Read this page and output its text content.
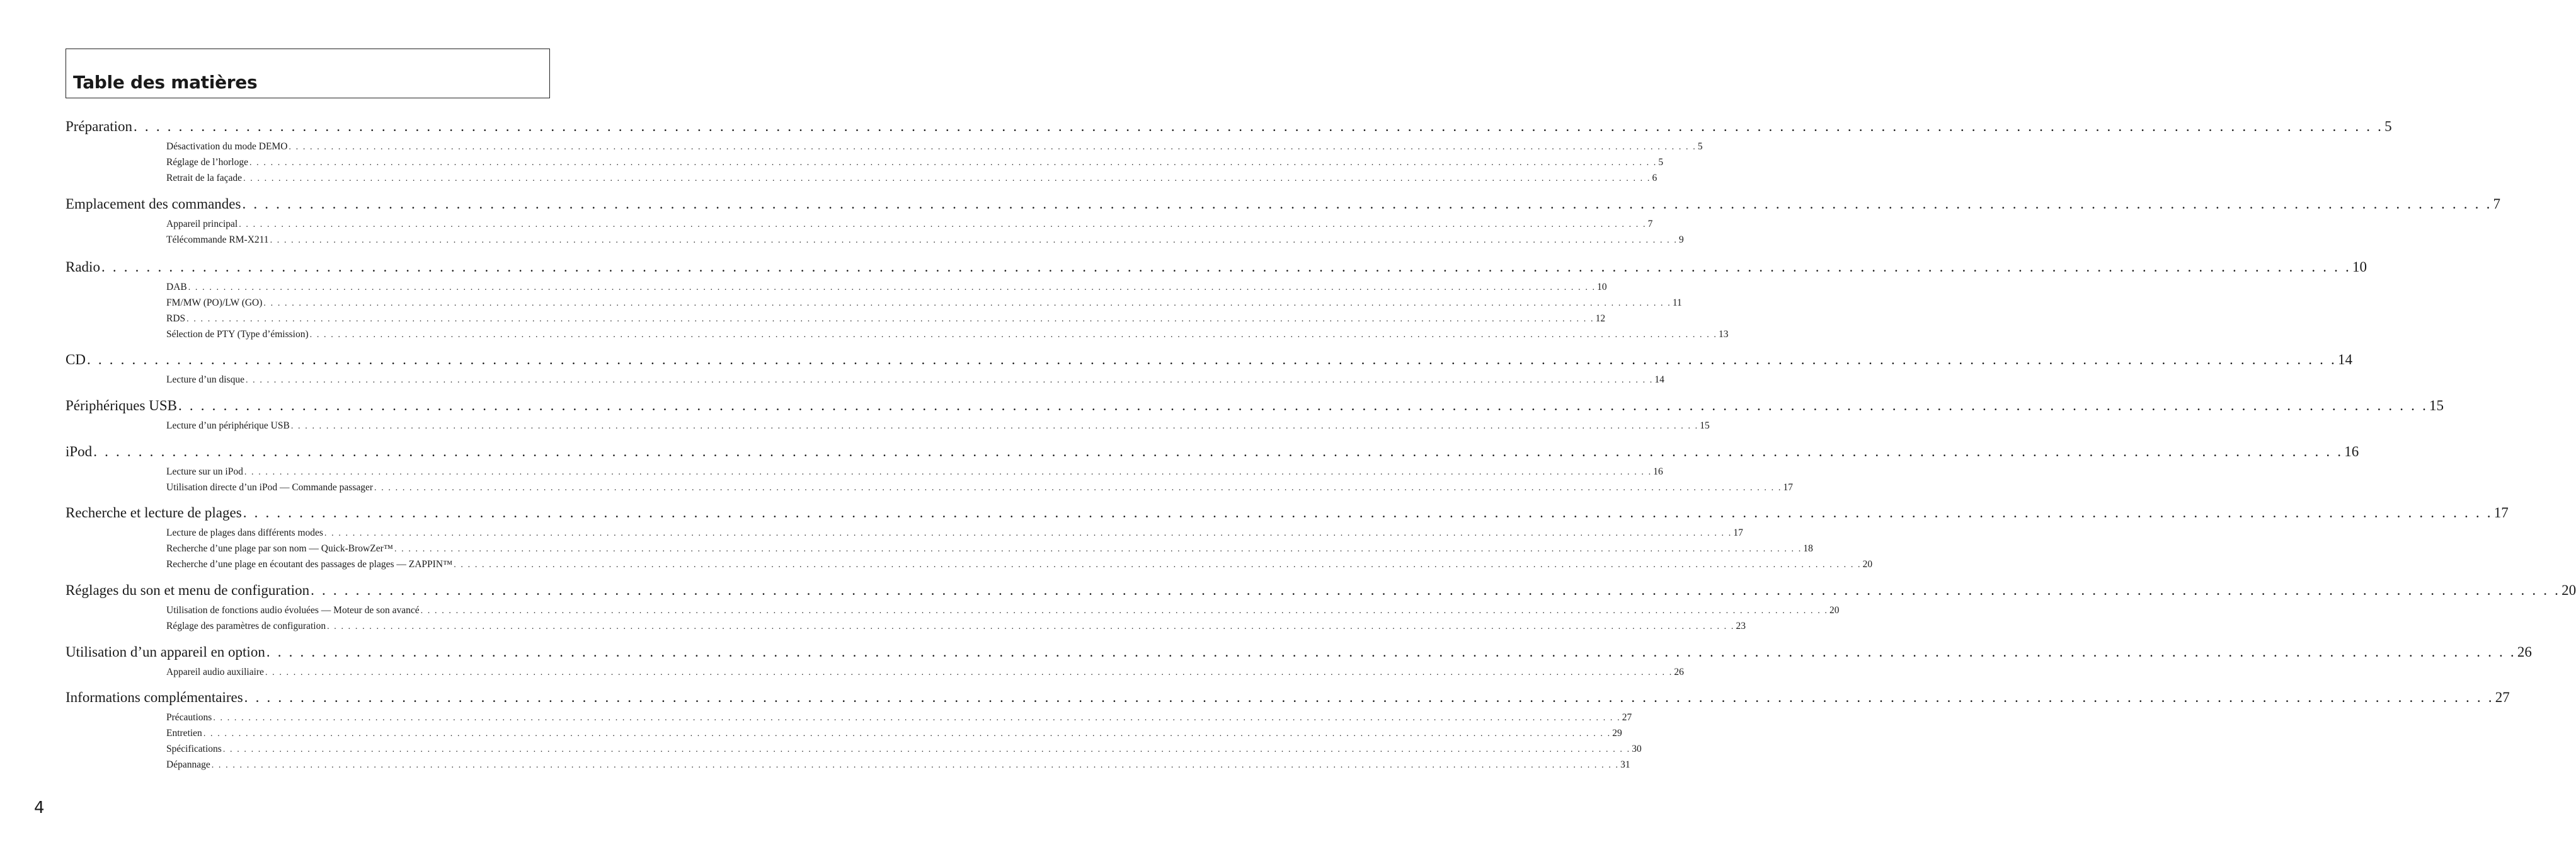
Table des matières
Préparation . . . . . . . . . . . . . . . . . . . . . . . . . . . . . . . . . . . . . . . . . . . . . . . . . . . . . . . . . . . . . . . . . . . . . . . . . . . . . . . . . . . . . . . . . . . . . . . . . . . . . . . . . . . . . . . . . . . . . . . . . . . . . . . . . . . . . . . . . . . . . . . . . . . . . . . . . . . . . . . . . . . . . . . . . . . . . . . . . . . . . . . . . . . . . . . . . . . . . . . . 5
Désactivation du mode DEMO . . . . . . . . . . . . . . . . . . . . . . . . . . . . . . . . . . . . . . . . . . . . . . . . . . . . . . . . . . . . . . . . . . . . . . . . . . . . . . . . . . . . . . . . . . . . . . . . . . . . . . . . . . . . . . . . . . . . . . . . . . . . . . . . . . . . . . . . . . . . . . . . . . . . . . . . . . . . . . . . . . . . . . . . . . . . . . . . . . . . . . . . . . . . . . . . . . . . . . . . 5
Réglage de l’horloge . . . . . . . . . . . . . . . . . . . . . . . . . . . . . . . . . . . . . . . . . . . . . . . . . . . . . . . . . . . . . . . . . . . . . . . . . . . . . . . . . . . . . . . . . . . . . . . . . . . . . . . . . . . . . . . . . . . . . . . . . . . . . . . . . . . . . . . . . . . . . . . . . . . . . . . . . . . . . . . . . . . . . . . . . . . . . . . . . . . . . . . . . . . . . . . . . . . . . . . . 5
Retrait de la façade . . . . . . . . . . . . . . . . . . . . . . . . . . . . . . . . . . . . . . . . . . . . . . . . . . . . . . . . . . . . . . . . . . . . . . . . . . . . . . . . . . . . . . . . . . . . . . . . . . . . . . . . . . . . . . . . . . . . . . . . . . . . . . . . . . . . . . . . . . . . . . . . . . . . . . . . . . . . . . . . . . . . . . . . . . . . . . . . . . . . . . . . . . . . . . . . . . . . . . . . 6
Emplacement des commandes . . . . . . . . . . . . . . . . . . . . . . . . . . . . . . . . . . . . . . . . . . . . . . . . . . . . . . . . . . . . . . . . . . . . . . . . . . . . . . . . . . . . . . . . . . . . . . . . . . . . . . . . . . . . . . . . . . . . . . . . . . . . . . . . . . . . . . . . . . . . . . . . . . . . . . . . . . . . . . . . . . . . . . . . . . . . . . . . . . . . . . . . . . . . . . . . . . . . . . . . 7
Appareil principal . . . . . . . . . . . . . . . . . . . . . . . . . . . . . . . . . . . . . . . . . . . . . . . . . . . . . . . . . . . . . . . . . . . . . . . . . . . . . . . . . . . . . . . . . . . . . . . . . . . . . . . . . . . . . . . . . . . . . . . . . . . . . . . . . . . . . . . . . . . . . . . . . . . . . . . . . . . . . . . . . . . . . . . . . . . . . . . . . . . . . . . . . . . . . . . . . . . . . . . . 7
Télécommande RM-X211 . . . . . . . . . . . . . . . . . . . . . . . . . . . . . . . . . . . . . . . . . . . . . . . . . . . . . . . . . . . . . . . . . . . . . . . . . . . . . . . . . . . . . . . . . . . . . . . . . . . . . . . . . . . . . . . . . . . . . . . . . . . . . . . . . . . . . . . . . . . . . . . . . . . . . . . . . . . . . . . . . . . . . . . . . . . . . . . . . . . . . . . . . . . . . . . . . . . . . . . . 9
Radio . . . . . . . . . . . . . . . . . . . . . . . . . . . . . . . . . . . . . . . . . . . . . . . . . . . . . . . . . . . . . . . . . . . . . . . . . . . . . . . . . . . . . . . . . . . . . . . . . . . . . . . . . . . . . . . . . . . . . . . . . . . . . . . . . . . . . . . . . . . . . . . . . . . . . . . . . . . . . . . . . . . . . . . . . . . . . . . . . . . . . . . . . . . . . . . . . . . . . . . . 10
DAB . . . . . . . . . . . . . . . . . . . . . . . . . . . . . . . . . . . . . . . . . . . . . . . . . . . . . . . . . . . . . . . . . . . . . . . . . . . . . . . . . . . . . . . . . . . . . . . . . . . . . . . . . . . . . . . . . . . . . . . . . . . . . . . . . . . . . . . . . . . . . . . . . . . . . . . . . . . . . . . . . . . . . . . . . . . . . . . . . . . . . . . . . . . . . . . . . . . . . . . . 10
FM/MW (PO)/LW (GO) . . . . . . . . . . . . . . . . . . . . . . . . . . . . . . . . . . . . . . . . . . . . . . . . . . . . . . . . . . . . . . . . . . . . . . . . . . . . . . . . . . . . . . . . . . . . . . . . . . . . . . . . . . . . . . . . . . . . . . . . . . . . . . . . . . . . . . . . . . . . . . . . . . . . . . . . . . . . . . . . . . . . . . . . . . . . . . . . . . . . . . . . . . . . . . . . . . . . . . . . 11
RDS . . . . . . . . . . . . . . . . . . . . . . . . . . . . . . . . . . . . . . . . . . . . . . . . . . . . . . . . . . . . . . . . . . . . . . . . . . . . . . . . . . . . . . . . . . . . . . . . . . . . . . . . . . . . . . . . . . . . . . . . . . . . . . . . . . . . . . . . . . . . . . . . . . . . . . . . . . . . . . . . . . . . . . . . . . . . . . . . . . . . . . . . . . . . . . . . . . . . . . . . 12
Sélection de PTY (Type d’émission) . . . . . . . . . . . . . . . . . . . . . . . . . . . . . . . . . . . . . . . . . . . . . . . . . . . . . . . . . . . . . . . . . . . . . . . . . . . . . . . . . . . . . . . . . . . . . . . . . . . . . . . . . . . . . . . . . . . . . . . . . . . . . . . . . . . . . . . . . . . . . . . . . . . . . . . . . . . . . . . . . . . . . . . . . . . . . . . . . . . . . . . . . . . . . . . . . . . . . . . . 13
CD . . . . . . . . . . . . . . . . . . . . . . . . . . . . . . . . . . . . . . . . . . . . . . . . . . . . . . . . . . . . . . . . . . . . . . . . . . . . . . . . . . . . . . . . . . . . . . . . . . . . . . . . . . . . . . . . . . . . . . . . . . . . . . . . . . . . . . . . . . . . . . . . . . . . . . . . . . . . . . . . . . . . . . . . . . . . . . . . . . . . . . . . . . . . . . . . . . . . . . . . 14
Lecture d’un disque . . . . . . . . . . . . . . . . . . . . . . . . . . . . . . . . . . . . . . . . . . . . . . . . . . . . . . . . . . . . . . . . . . . . . . . . . . . . . . . . . . . . . . . . . . . . . . . . . . . . . . . . . . . . . . . . . . . . . . . . . . . . . . . . . . . . . . . . . . . . . . . . . . . . . . . . . . . . . . . . . . . . . . . . . . . . . . . . . . . . . . . . . . . . . . . . . . . . . . . . 14
Périphériques USB . . . . . . . . . . . . . . . . . . . . . . . . . . . . . . . . . . . . . . . . . . . . . . . . . . . . . . . . . . . . . . . . . . . . . . . . . . . . . . . . . . . . . . . . . . . . . . . . . . . . . . . . . . . . . . . . . . . . . . . . . . . . . . . . . . . . . . . . . . . . . . . . . . . . . . . . . . . . . . . . . . . . . . . . . . . . . . . . . . . . . . . . . . . . . . . . . . . . . . . . 15
Lecture d’un périphérique USB . . . . . . . . . . . . . . . . . . . . . . . . . . . . . . . . . . . . . . . . . . . . . . . . . . . . . . . . . . . . . . . . . . . . . . . . . . . . . . . . . . . . . . . . . . . . . . . . . . . . . . . . . . . . . . . . . . . . . . . . . . . . . . . . . . . . . . . . . . . . . . . . . . . . . . . . . . . . . . . . . . . . . . . . . . . . . . . . . . . . . . . . . . . . . . . . . . . . . . . . 15
iPod . . . . . . . . . . . . . . . . . . . . . . . . . . . . . . . . . . . . . . . . . . . . . . . . . . . . . . . . . . . . . . . . . . . . . . . . . . . . . . . . . . . . . . . . . . . . . . . . . . . . . . . . . . . . . . . . . . . . . . . . . . . . . . . . . . . . . . . . . . . . . . . . . . . . . . . . . . . . . . . . . . . . . . . . . . . . . . . . . . . . . . . . . . . . . . . . . . . . . . . . 16
Lecture sur un iPod . . . . . . . . . . . . . . . . . . . . . . . . . . . . . . . . . . . . . . . . . . . . . . . . . . . . . . . . . . . . . . . . . . . . . . . . . . . . . . . . . . . . . . . . . . . . . . . . . . . . . . . . . . . . . . . . . . . . . . . . . . . . . . . . . . . . . . . . . . . . . . . . . . . . . . . . . . . . . . . . . . . . . . . . . . . . . . . . . . . . . . . . . . . . . . . . . . . . . . . . 16
Utilisation directe d’un iPod — Commande passager . . . . . . . . . . . . . . . . . . . . . . . . . . . . . . . . . . . . . . . . . . . . . . . . . . . . . . . . . . . . . . . . . . . . . . . . . . . . . . . . . . . . . . . . . . . . . . . . . . . . . . . . . . . . . . . . . . . . . . . . . . . . . . . . . . . . . . . . . . . . . . . . . . . . . . . . . . . . . . . . . . . . . . . . . . . . . . . . . . . . . . . . . . . . . . . . . . . . . . . . 17
Recherche et lecture de plages . . . . . . . . . . . . . . . . . . . . . . . . . . . . . . . . . . . . . . . . . . . . . . . . . . . . . . . . . . . . . . . . . . . . . . . . . . . . . . . . . . . . . . . . . . . . . . . . . . . . . . . . . . . . . . . . . . . . . . . . . . . . . . . . . . . . . . . . . . . . . . . . . . . . . . . . . . . . . . . . . . . . . . . . . . . . . . . . . . . . . . . . . . . . . . . . . . . . . . . . 17
Lecture de plages dans différents modes . . . . . . . . . . . . . . . . . . . . . . . . . . . . . . . . . . . . . . . . . . . . . . . . . . . . . . . . . . . . . . . . . . . . . . . . . . . . . . . . . . . . . . . . . . . . . . . . . . . . . . . . . . . . . . . . . . . . . . . . . . . . . . . . . . . . . . . . . . . . . . . . . . . . . . . . . . . . . . . . . . . . . . . . . . . . . . . . . . . . . . . . . . . . . . . . . . . . . . . . 17
Recherche d’une plage par son nom — Quick-BrowZer™ . . . . . . . . . . . . . . . . . . . . . . . . . . . . . . . . . . . . . . . . . . . . . . . . . . . . . . . . . . . . . . . . . . . . . . . . . . . . . . . . . . . . . . . . . . . . . . . . . . . . . . . . . . . . . . . . . . . . . . . . . . . . . . . . . . . . . . . . . . . . . . . . . . . . . . . . . . . . . . . . . . . . . . . . . . . . . . . . . . . . . . . . . . . . . . . . . . . . . . . . 18
Recherche d’une plage en écoutant des passages de plages — ZAPPIN™ . . . . . . . . . . . . . . . . . . . . . . . . . . . . . . . . . . . . . . . . . . . . . . . . . . . . . . . . . . . . . . . . . . . . . . . . . . . . . . . . . . . . . . . . . . . . . . . . . . . . . . . . . . . . . . . . . . . . . . . . . . . . . . . . . . . . . . . . . . . . . . . . . . . . . . . . . . . . . . . . . . . . . . . . . . . . . . . . . . . . . . . . . . . . . . . . . . . . . . . . 20
Réglages du son et menu de configuration . . . . . . . . . . . . . . . . . . . . . . . . . . . . . . . . . . . . . . . . . . . . . . . . . . . . . . . . . . . . . . . . . . . . . . . . . . . . . . . . . . . . . . . . . . . . . . . . . . . . . . . . . . . . . . . . . . . . . . . . . . . . . . . . . . . . . . . . . . . . . . . . . . . . . . . . . . . . . . . . . . . . . . . . . . . . . . . . . . . . . . . . . . . . . . . . . . . . . . . . 20
Utilisation de fonctions audio évoluées — Moteur de son avancé . . . . . . . . . . . . . . . . . . . . . . . . . . . . . . . . . . . . . . . . . . . . . . . . . . . . . . . . . . . . . . . . . . . . . . . . . . . . . . . . . . . . . . . . . . . . . . . . . . . . . . . . . . . . . . . . . . . . . . . . . . . . . . . . . . . . . . . . . . . . . . . . . . . . . . . . . . . . . . . . . . . . . . . . . . . . . . . . . . . . . . . . . . . . . . . . . . . . . . . . 20
Réglage des paramètres de configuration . . . . . . . . . . . . . . . . . . . . . . . . . . . . . . . . . . . . . . . . . . . . . . . . . . . . . . . . . . . . . . . . . . . . . . . . . . . . . . . . . . . . . . . . . . . . . . . . . . . . . . . . . . . . . . . . . . . . . . . . . . . . . . . . . . . . . . . . . . . . . . . . . . . . . . . . . . . . . . . . . . . . . . . . . . . . . . . . . . . . . . . . . . . . . . . . . . . . . . . . 23
Utilisation d’un appareil en option . . . . . . . . . . . . . . . . . . . . . . . . . . . . . . . . . . . . . . . . . . . . . . . . . . . . . . . . . . . . . . . . . . . . . . . . . . . . . . . . . . . . . . . . . . . . . . . . . . . . . . . . . . . . . . . . . . . . . . . . . . . . . . . . . . . . . . . . . . . . . . . . . . . . . . . . . . . . . . . . . . . . . . . . . . . . . . . . . . . . . . . . . . . . . . . . . . . . . . . . 26
Appareil audio auxiliaire . . . . . . . . . . . . . . . . . . . . . . . . . . . . . . . . . . . . . . . . . . . . . . . . . . . . . . . . . . . . . . . . . . . . . . . . . . . . . . . . . . . . . . . . . . . . . . . . . . . . . . . . . . . . . . . . . . . . . . . . . . . . . . . . . . . . . . . . . . . . . . . . . . . . . . . . . . . . . . . . . . . . . . . . . . . . . . . . . . . . . . . . . . . . . . . . . . . . . . . . 26
Informations complémentaires . . . . . . . . . . . . . . . . . . . . . . . . . . . . . . . . . . . . . . . . . . . . . . . . . . . . . . . . . . . . . . . . . . . . . . . . . . . . . . . . . . . . . . . . . . . . . . . . . . . . . . . . . . . . . . . . . . . . . . . . . . . . . . . . . . . . . . . . . . . . . . . . . . . . . . . . . . . . . . . . . . . . . . . . . . . . . . . . . . . . . . . . . . . . . . . . . . . . . . . . 27
Précautions . . . . . . . . . . . . . . . . . . . . . . . . . . . . . . . . . . . . . . . . . . . . . . . . . . . . . . . . . . . . . . . . . . . . . . . . . . . . . . . . . . . . . . . . . . . . . . . . . . . . . . . . . . . . . . . . . . . . . . . . . . . . . . . . . . . . . . . . . . . . . . . . . . . . . . . . . . . . . . . . . . . . . . . . . . . . . . . . . . . . . . . . . . . . . . . . . . . . . . . . 27
Entretien . . . . . . . . . . . . . . . . . . . . . . . . . . . . . . . . . . . . . . . . . . . . . . . . . . . . . . . . . . . . . . . . . . . . . . . . . . . . . . . . . . . . . . . . . . . . . . . . . . . . . . . . . . . . . . . . . . . . . . . . . . . . . . . . . . . . . . . . . . . . . . . . . . . . . . . . . . . . . . . . . . . . . . . . . . . . . . . . . . . . . . . . . . . . . . . . . . . . . . . . 29
Spécifications . . . . . . . . . . . . . . . . . . . . . . . . . . . . . . . . . . . . . . . . . . . . . . . . . . . . . . . . . . . . . . . . . . . . . . . . . . . . . . . . . . . . . . . . . . . . . . . . . . . . . . . . . . . . . . . . . . . . . . . . . . . . . . . . . . . . . . . . . . . . . . . . . . . . . . . . . . . . . . . . . . . . . . . . . . . . . . . . . . . . . . . . . . . . . . . . . . . . . . . . 30
Dépannage . . . . . . . . . . . . . . . . . . . . . . . . . . . . . . . . . . . . . . . . . . . . . . . . . . . . . . . . . . . . . . . . . . . . . . . . . . . . . . . . . . . . . . . . . . . . . . . . . . . . . . . . . . . . . . . . . . . . . . . . . . . . . . . . . . . . . . . . . . . . . . . . . . . . . . . . . . . . . . . . . . . . . . . . . . . . . . . . . . . . . . . . . . . . . . . . . . . . . . . . 31
4
